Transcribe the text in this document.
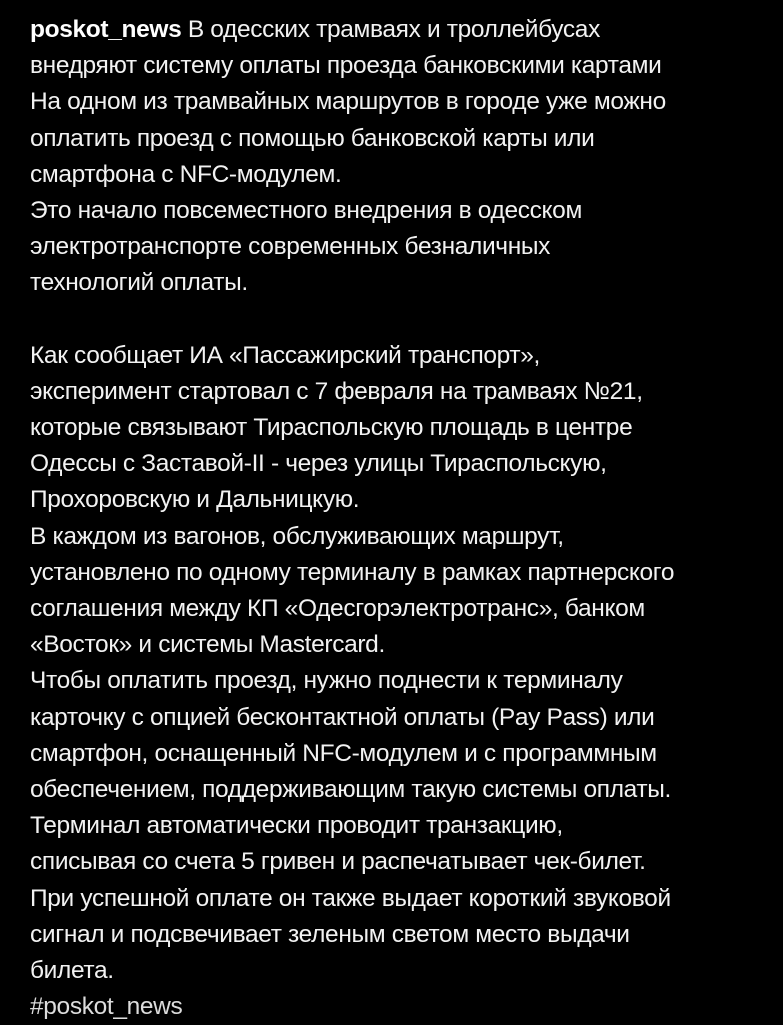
poskot_news В одесских трамваях и троллейбусах
внедряют систему оплаты проезда банковскими картами
На одном из трамвайных маршрутов в городе уже можно
оплатить проезд с помощью банковской карты или
смартфона с NFC-модулем.
Это начало повсеместного внедрения в одесском
электротранспорте современных безналичных
технологий оплаты.
Как сообщает ИА «Пассажирский транспорт»,
эксперимент стартовал с 7 февраля на трамваях №21,
которые связывают Тираспольскую площадь в центре
Одессы с Заставой-II - через улицы Тираспольскую,
Прохоровскую и Дальницкую.
В каждом из вагонов, обслуживающих маршрут,
установлено по одному терминалу в рамках партнерского
соглашения между КП «Одесгорэлектротранс», банком
«Восток» и системы Mastercard.
Чтобы оплатить проезд, нужно поднести к терминалу
карточку с опцией бесконтактной оплаты (Pay Pass) или
смартфон, оснащенный NFC-модулем и с программным
обеспечением, поддерживающим такую системы оплаты.
Терминал автоматически проводит транзакцию,
списывая со счета 5 гривен и распечатывает чек-билет.
При успешной оплате он также выдает короткий звуковой
сигнал и подсвечивает зеленым светом место выдачи
билета.
#poskot_news
